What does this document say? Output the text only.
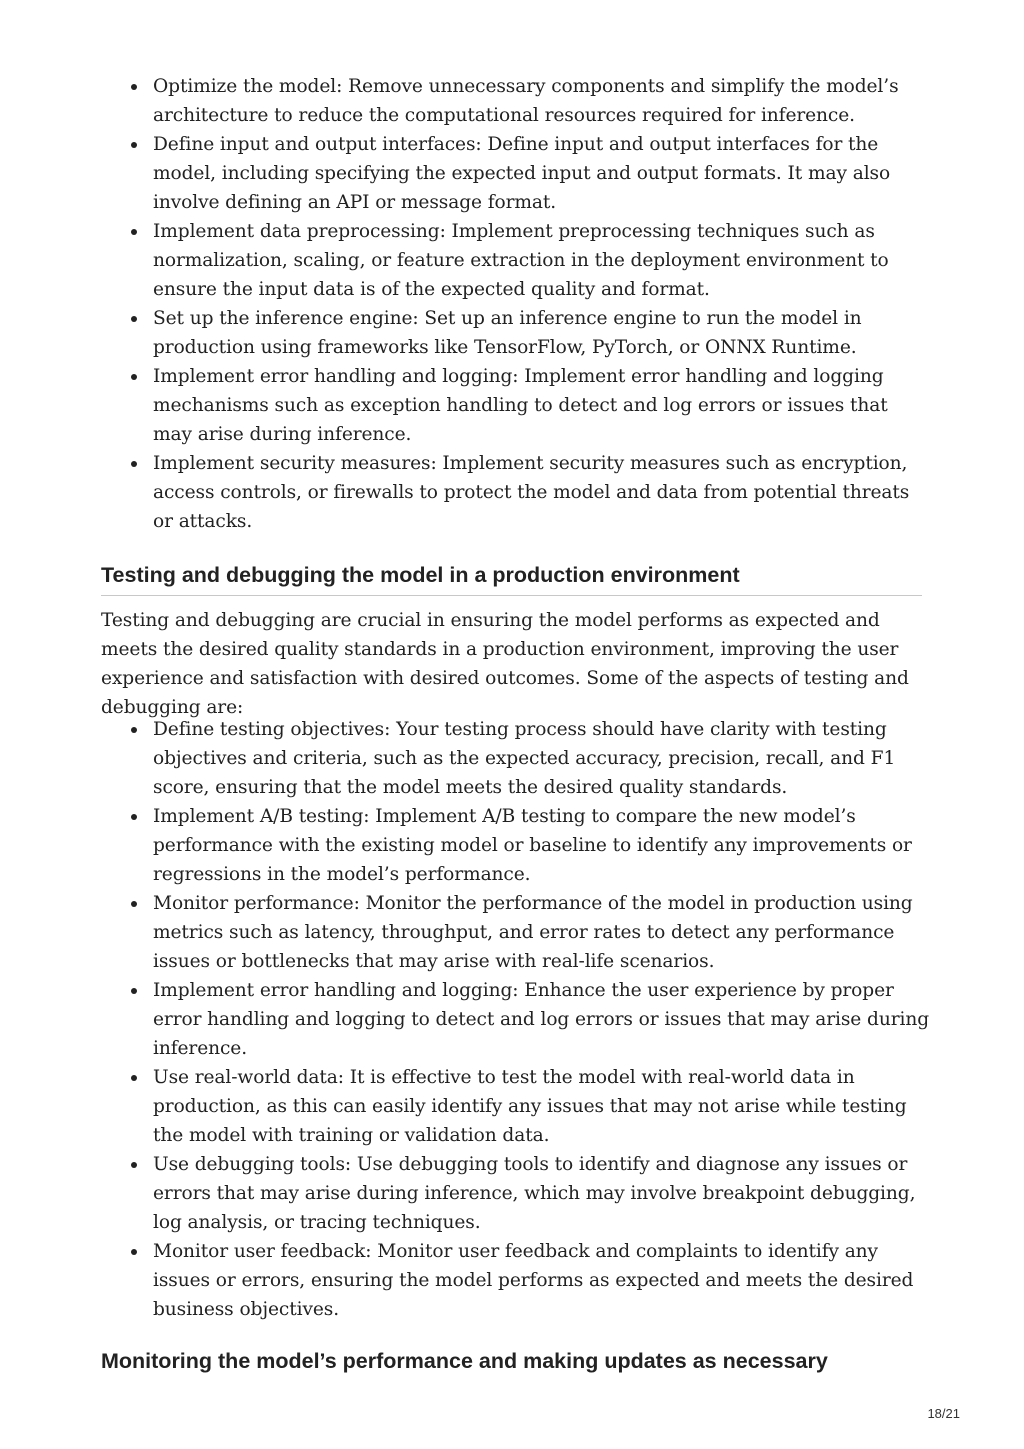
Optimize the model: Remove unnecessary components and simplify the model’s architecture to reduce the computational resources required for inference.
Define input and output interfaces: Define input and output interfaces for the model, including specifying the expected input and output formats. It may also involve defining an API or message format.
Implement data preprocessing: Implement preprocessing techniques such as normalization, scaling, or feature extraction in the deployment environment to ensure the input data is of the expected quality and format.
Set up the inference engine: Set up an inference engine to run the model in production using frameworks like TensorFlow, PyTorch, or ONNX Runtime.
Implement error handling and logging: Implement error handling and logging mechanisms such as exception handling to detect and log errors or issues that may arise during inference.
Implement security measures: Implement security measures such as encryption, access controls, or firewalls to protect the model and data from potential threats or attacks.
Testing and debugging the model in a production environment

Testing and debugging are crucial in ensuring the model performs as expected and meets the desired quality standards in a production environment, improving the user experience and satisfaction with desired outcomes. Some of the aspects of testing and debugging are:

Define testing objectives: Your testing process should have clarity with testing objectives and criteria, such as the expected accuracy, precision, recall, and F1 score, ensuring that the model meets the desired quality standards.
Implement A/B testing: Implement A/B testing to compare the new model’s performance with the existing model or baseline to identify any improvements or regressions in the model’s performance.
Monitor performance: Monitor the performance of the model in production using metrics such as latency, throughput, and error rates to detect any performance issues or bottlenecks that may arise with real-life scenarios.
Implement error handling and logging: Enhance the user experience by proper error handling and logging to detect and log errors or issues that may arise during inference.
Use real-world data: It is effective to test the model with real-world data in production, as this can easily identify any issues that may not arise while testing the model with training or validation data.
Use debugging tools: Use debugging tools to identify and diagnose any issues or errors that may arise during inference, which may involve breakpoint debugging, log analysis, or tracing techniques.
Monitor user feedback: Monitor user feedback and complaints to identify any issues or errors, ensuring the model performs as expected and meets the desired business objectives.
Monitoring the model’s performance and making updates as necessary
18/21
